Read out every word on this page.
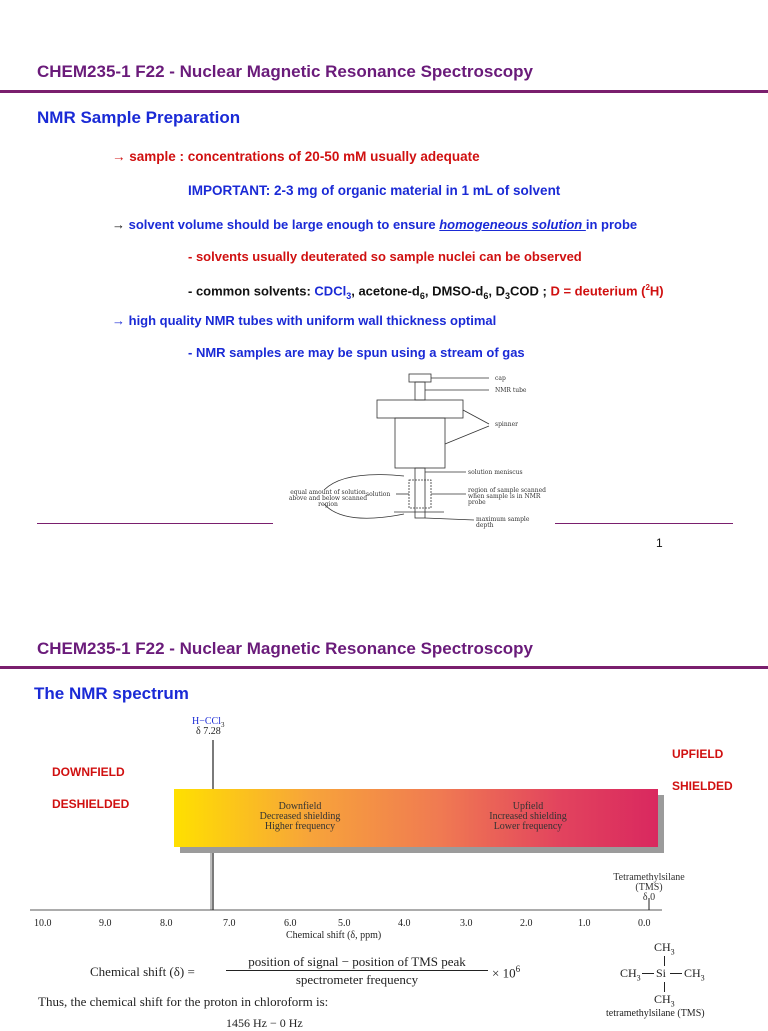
CHEM235-1 F22 - Nuclear Magnetic Resonance Spectroscopy
NMR Sample Preparation
→ sample : concentrations of 20-50 mM usually adequate
IMPORTANT: 2-3 mg of organic material in 1 mL of solvent
→ solvent volume should be large enough to ensure homogeneous solution in probe
- solvents usually deuterated so sample nuclei can be observed
- common solvents: CDCl$_3$, acetone-$d_6$, DMSO-$d_6$, $D_3COD$ ; D = deuterium ($^2$H)
→ high quality NMR tubes with uniform wall thickness optimal
- NMR samples are may be spun using a stream of gas
cap
NMR tube
spinner
solution meniscus
region of sample scanned when sample is in NMR probe
equal amount of solution above and below scanned region
solution
maximum sample depth
1
CHEM235-1 F22 - Nuclear Magnetic Resonance Spectroscopy
The NMR spectrum
H−CCl$_3$
δ 7.28
DOWNFIELD
DESHIELDED
UPFIELD
SHIELDED
Downfield
Decreased shielding
Higher frequency
Upfield
Increased shielding
Lower frequency
Tetramethylsilane
(TMS)
δ 0
10.0	9.0	8.0	7.0	6.0	5.0	4.0	3.0	2.0	1.0	0.0
Chemical shift (δ, ppm)
Chemical shift (δ) =
position of signal − position of TMS peak
spectrometer frequency	× $10^6$
Thus, the chemical shift for the proton in chloroform is:
1456 Hz − 0 Hz
$CH_3$
$CH_3$ Si $CH_3$
$CH_3$
tetramethylsilane (TMS)
